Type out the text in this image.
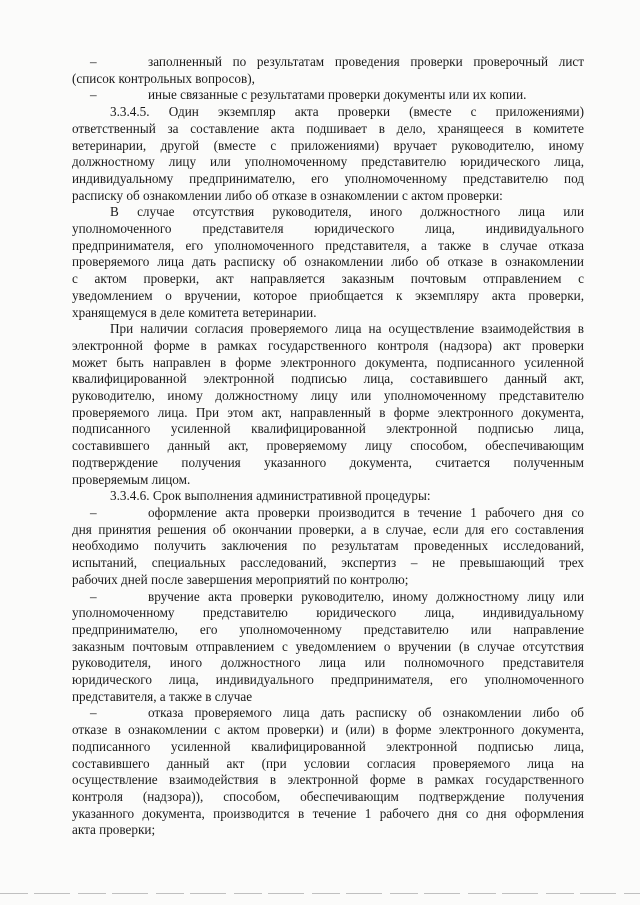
–	заполненный по результатам проведения проверки проверочный лист
(список контрольных вопросов),
–	иные связанные с результатами проверки документы или их копии.
3.3.4.5. Один экземпляр акта проверки (вместе с приложениями)
ответственный за составление акта подшивает в дело, хранящееся в комитете
ветеринарии, другой (вместе с приложениями) вручает руководителю, иному
должностному лицу или уполномоченному представителю юридического лица,
индивидуальному предпринимателю, его уполномоченному представителю под
расписку об ознакомлении либо об отказе в ознакомлении с актом проверки:
В случае отсутствия руководителя, иного должностного лица или
уполномоченного представителя юридического лица, индивидуального
предпринимателя, его уполномоченного представителя, а также в случае отказа
проверяемого лица дать расписку об ознакомлении либо об отказе в ознакомлении
с актом проверки, акт направляется заказным почтовым отправлением с
уведомлением о вручении, которое приобщается к экземпляру акта проверки,
хранящемуся в деле комитета ветеринарии.
При наличии согласия проверяемого лица на осуществление взаимодействия в
электронной форме в рамках государственного контроля (надзора) акт проверки
может быть направлен в форме электронного документа, подписанного усиленной
квалифицированной электронной подписью лица, составившего данный акт,
руководителю, иному должностному лицу или уполномоченному представителю
проверяемого лица. При этом акт, направленный в форме электронного документа,
подписанного усиленной квалифицированной электронной подписью лица,
составившего данный акт, проверяемому лицу способом, обеспечивающим
подтверждение получения указанного документа, считается полученным
проверяемым лицом.
3.3.4.6. Срок выполнения административной процедуры:
–	оформление акта проверки производится в течение 1 рабочего дня со
дня принятия решения об окончании проверки, а в случае, если для его составления
необходимо получить заключения по результатам проведенных исследований,
испытаний, специальных расследований, экспертиз – не превышающий трех
рабочих дней после завершения мероприятий по контролю;
–	вручение акта проверки руководителю, иному должностному лицу или
уполномоченному представителю юридического лица, индивидуальному
предпринимателю, его уполномоченному представителю или направление
заказным почтовым отправлением с уведомлением о вручении (в случае отсутствия
руководителя, иного должностного лица или полномочного представителя
юридического лица, индивидуального предпринимателя, его уполномоченного
представителя, а также в случае
–	отказа проверяемого лица дать расписку об ознакомлении либо об
отказе в ознакомлении с актом проверки) и (или) в форме электронного документа,
подписанного усиленной квалифицированной электронной подписью лица,
составившего данный акт (при условии согласия проверяемого лица на
осуществление взаимодействия в электронной форме в рамках государственного
контроля (надзора)), способом, обеспечивающим подтверждение получения
указанного документа, производится в течение 1 рабочего дня со дня оформления
акта проверки;
